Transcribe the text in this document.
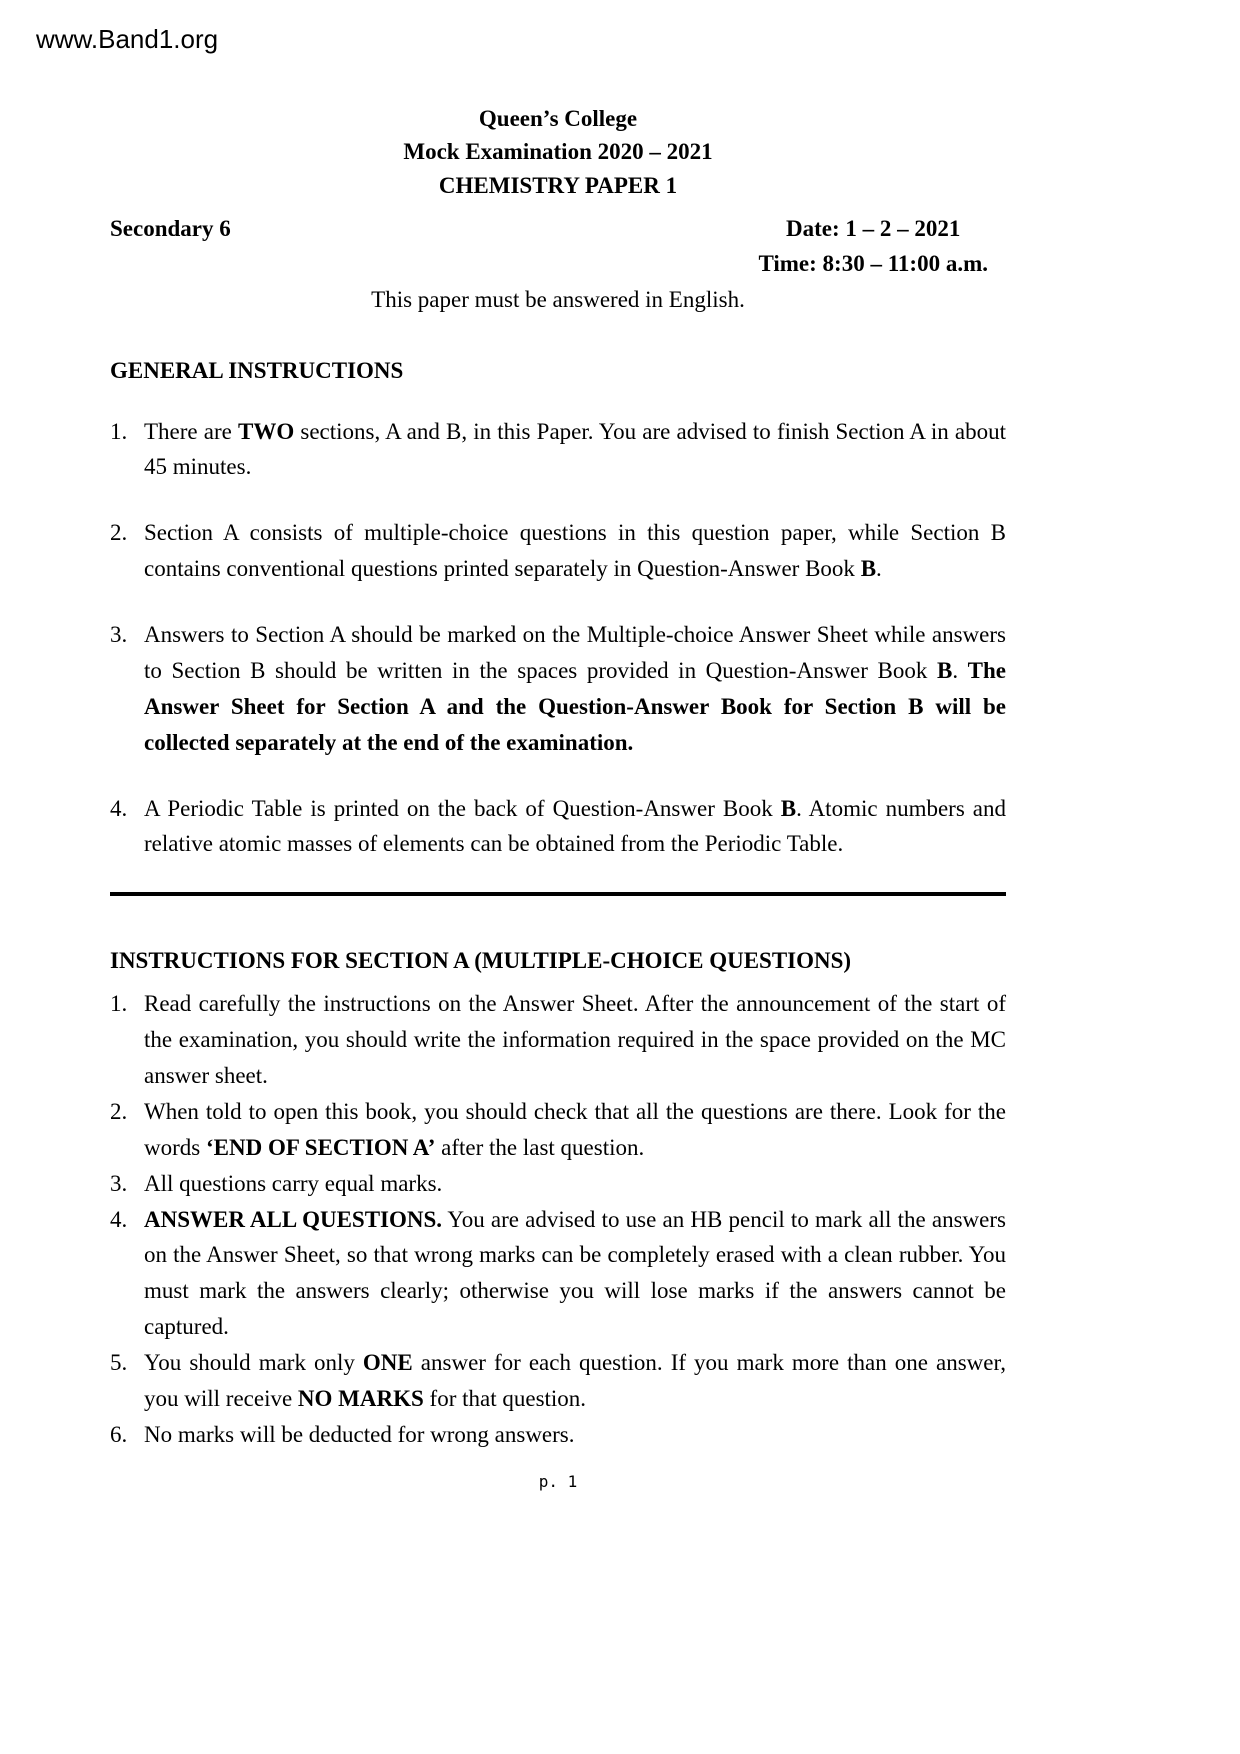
www.Band1.org
Queen’s College
Mock Examination 2020 – 2021
CHEMISTRY PAPER 1
Secondary 6	Date: 1 – 2 – 2021
Time: 8:30 – 11:00 a.m.
This paper must be answered in English.
GENERAL INSTRUCTIONS
1. There are TWO sections, A and B, in this Paper. You are advised to finish Section A in about 45 minutes.
2. Section A consists of multiple-choice questions in this question paper, while Section B contains conventional questions printed separately in Question-Answer Book B.
3. Answers to Section A should be marked on the Multiple-choice Answer Sheet while answers to Section B should be written in the spaces provided in Question-Answer Book B. The Answer Sheet for Section A and the Question-Answer Book for Section B will be collected separately at the end of the examination.
4. A Periodic Table is printed on the back of Question-Answer Book B. Atomic numbers and relative atomic masses of elements can be obtained from the Periodic Table.
INSTRUCTIONS FOR SECTION A (MULTIPLE-CHOICE QUESTIONS)
1. Read carefully the instructions on the Answer Sheet. After the announcement of the start of the examination, you should write the information required in the space provided on the MC answer sheet.
2. When told to open this book, you should check that all the questions are there. Look for the words ‘END OF SECTION A’ after the last question.
3. All questions carry equal marks.
4. ANSWER ALL QUESTIONS. You are advised to use an HB pencil to mark all the answers on the Answer Sheet, so that wrong marks can be completely erased with a clean rubber. You must mark the answers clearly; otherwise you will lose marks if the answers cannot be captured.
5. You should mark only ONE answer for each question. If you mark more than one answer, you will receive NO MARKS for that question.
6. No marks will be deducted for wrong answers.
p. 1
